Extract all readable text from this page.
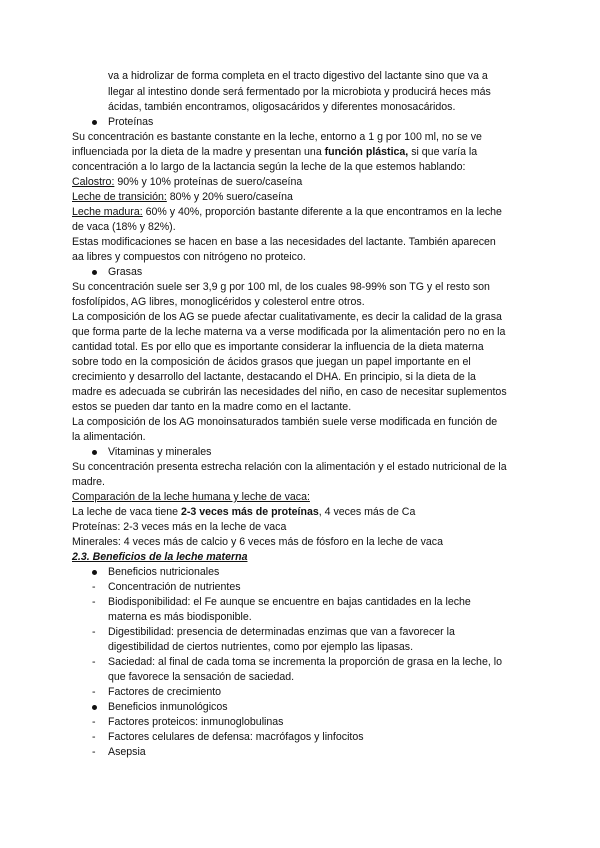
va a hidrolizar de forma completa en el tracto digestivo del lactante sino que va a
llegar al intestino donde será fermentado por la microbiota y producirá heces más
ácidas, también encontramos, oligosacáridos y diferentes monosacáridos.
Proteínas
Su concentración es bastante constante en la leche, entorno a 1 g por 100 ml, no se ve
influenciada por la dieta de la madre y presentan una función plástica, si que varía la
concentración a lo largo de la lactancia según la leche de la que estemos hablando:
Calostro: 90% y 10% proteínas de suero/caseína
Leche de transición: 80% y 20% suero/caseína
Leche madura: 60% y 40%, proporción bastante diferente a la que encontramos en la leche
de vaca (18% y 82%).
Estas modificaciones se hacen en base a las necesidades del lactante. También aparecen
aa libres y compuestos con nitrógeno no proteico.
Grasas
Su concentración suele ser 3,9 g por 100 ml, de los cuales 98-99% son TG y el resto son
fosfolípidos, AG libres, monoglicéridos y colesterol entre otros.
La composición de los AG se puede afectar cualitativamente, es decir la calidad de la grasa
que forma parte de la leche materna va a verse modificada por la alimentación pero no en la
cantidad total. Es por ello que es importante considerar la influencia de la dieta materna
sobre todo en la composición de ácidos grasos que juegan un papel importante en el
crecimiento y desarrollo del lactante, destacando el DHA. En principio, si la dieta de la
madre es adecuada se cubrirán las necesidades del niño, en caso de necesitar suplementos
estos se pueden dar tanto en la madre como en el lactante.
La composición de los AG monoinsaturados también suele verse modificada en función de
la alimentación.
Vitaminas y minerales
Su concentración presenta estrecha relación con la alimentación y el estado nutricional de la
madre.
Comparación de la leche humana y leche de vaca:
La leche de vaca tiene 2-3 veces más de proteínas, 4 veces más de Ca
Proteínas: 2-3 veces más en la leche de vaca
Minerales: 4 veces más de calcio y 6 veces más de fósforo en la leche de vaca
2.3. Beneficios de la leche materna
Beneficios nutricionales
- Concentración de nutrientes
- Biodisponibilidad: el Fe aunque se encuentre en bajas cantidades en la leche
materna es más biodisponible.
- Digestibilidad: presencia de determinadas enzimas que van a favorecer la
digestibilidad de ciertos nutrientes, como por ejemplo las lipasas.
- Saciedad: al final de cada toma se incrementa la proporción de grasa en la leche, lo
que favorece la sensación de saciedad.
- Factores de crecimiento
Beneficios inmunológicos
- Factores proteicos: inmunoglobulinas
- Factores celulares de defensa: macrófagos y linfocitos
- Asepsia
